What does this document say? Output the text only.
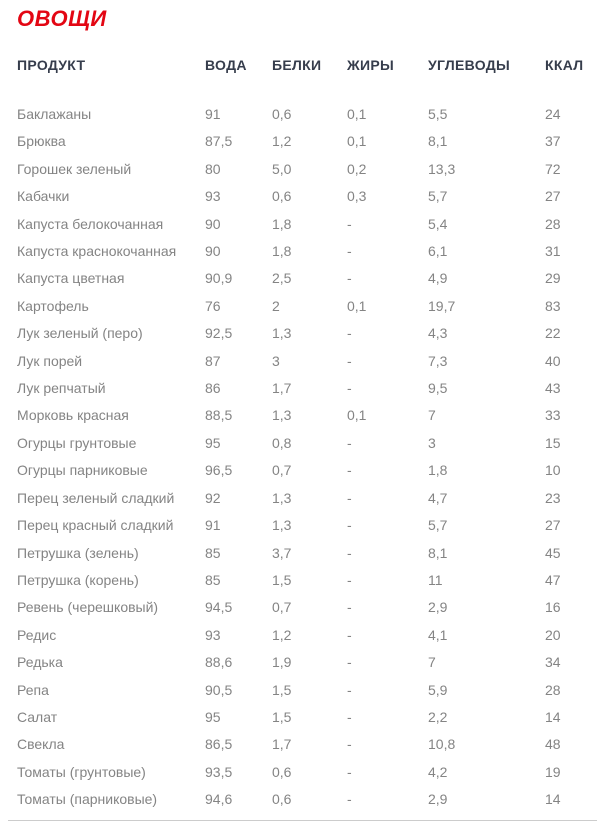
ОВОЩИ
ПРОДУКТ	ВОДА	БЕЛКИ	ЖИРЫ	УГЛЕВОДЫ	ККАЛ
Баклажаны	91	0,6	0,1	5,5	24
Брюква	87,5	1,2	0,1	8,1	37
Горошек зеленый	80	5,0	0,2	13,3	72
Кабачки	93	0,6	0,3	5,7	27
Капуста белокочанная	90	1,8	-	5,4	28
Капуста краснокочанная	90	1,8	-	6,1	31
Капуста цветная	90,9	2,5	-	4,9	29
Картофель	76	2	0,1	19,7	83
Лук зеленый (перо)	92,5	1,3	-	4,3	22
Лук порей	87	3	-	7,3	40
Лук репчатый	86	1,7	-	9,5	43
Морковь красная	88,5	1,3	0,1	7	33
Огурцы грунтовые	95	0,8	-	3	15
Огурцы парниковые	96,5	0,7	-	1,8	10
Перец зеленый сладкий	92	1,3	-	4,7	23
Перец красный сладкий	91	1,3	-	5,7	27
Петрушка (зелень)	85	3,7	-	8,1	45
Петрушка (корень)	85	1,5	-	11	47
Ревень (черешковый)	94,5	0,7	-	2,9	16
Редис	93	1,2	-	4,1	20
Редька	88,6	1,9	-	7	34
Репа	90,5	1,5	-	5,9	28
Салат	95	1,5	-	2,2	14
Свекла	86,5	1,7	-	10,8	48
Томаты (грунтовые)	93,5	0,6	-	4,2	19
Томаты (парниковые)	94,6	0,6	-	2,9	14
